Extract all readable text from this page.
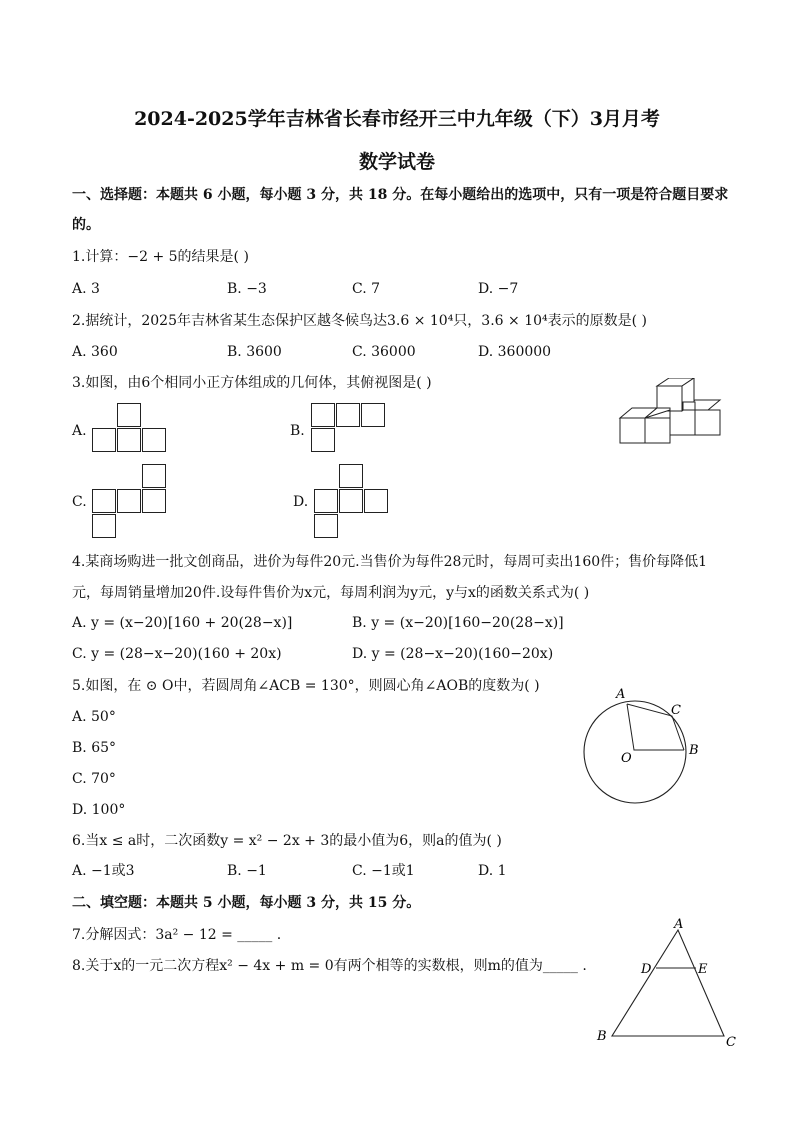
2024-2025学年吉林省长春市经开三中九年级（下）3月月考
数学试卷
一、选择题：本题共 6 小题，每小题 3 分，共 18 分。在每小题给出的选项中，只有一项是符合题目要求
的。
1.计算：−2 + 5的结果是( )
A. 3	B. −3	C. 7	D. −7
2.据统计，2025年吉林省某生态保护区越冬候鸟达3.6 × 10⁴只，3.6 × 10⁴表示的原数是( )
A. 360	B. 3600	C. 36000	D. 360000
3.如图，由6个相同小正方体组成的几何体，其俯视图是( )
A.	B.
C.	D.
4.某商场购进一批文创商品，进价为每件20元.当售价为每件28元时，每周可卖出160件；售价每降低1
元，每周销量增加20件.设每件售价为x元，每周利润为y元，y与x的函数关系式为( )
A. y = (x−20)[160 + 20(28−x)]	B. y = (x−20)[160−20(28−x)]
C. y = (28−x−20)(160 + 20x)	D. y = (28−x−20)(160−20x)
5.如图，在 ⊙ O中，若圆周角∠ACB = 130°，则圆心角∠AOB的度数为( )
A. 50°
B. 65°
C. 70°
D. 100°
A
C
O
B
6.当x ≤ a时，二次函数y = x² − 2x + 3的最小值为6，则a的值为( )
A. −1或3	B. −1	C. −1或1	D. 1
二、填空题：本题共 5 小题，每小题 3 分，共 15 分。
7.分解因式：3a² − 12 = _____ .
8.关于x的一元二次方程x² − 4x + m = 0有两个相等的实数根，则m的值为_____ .
A
D	E
B	C
